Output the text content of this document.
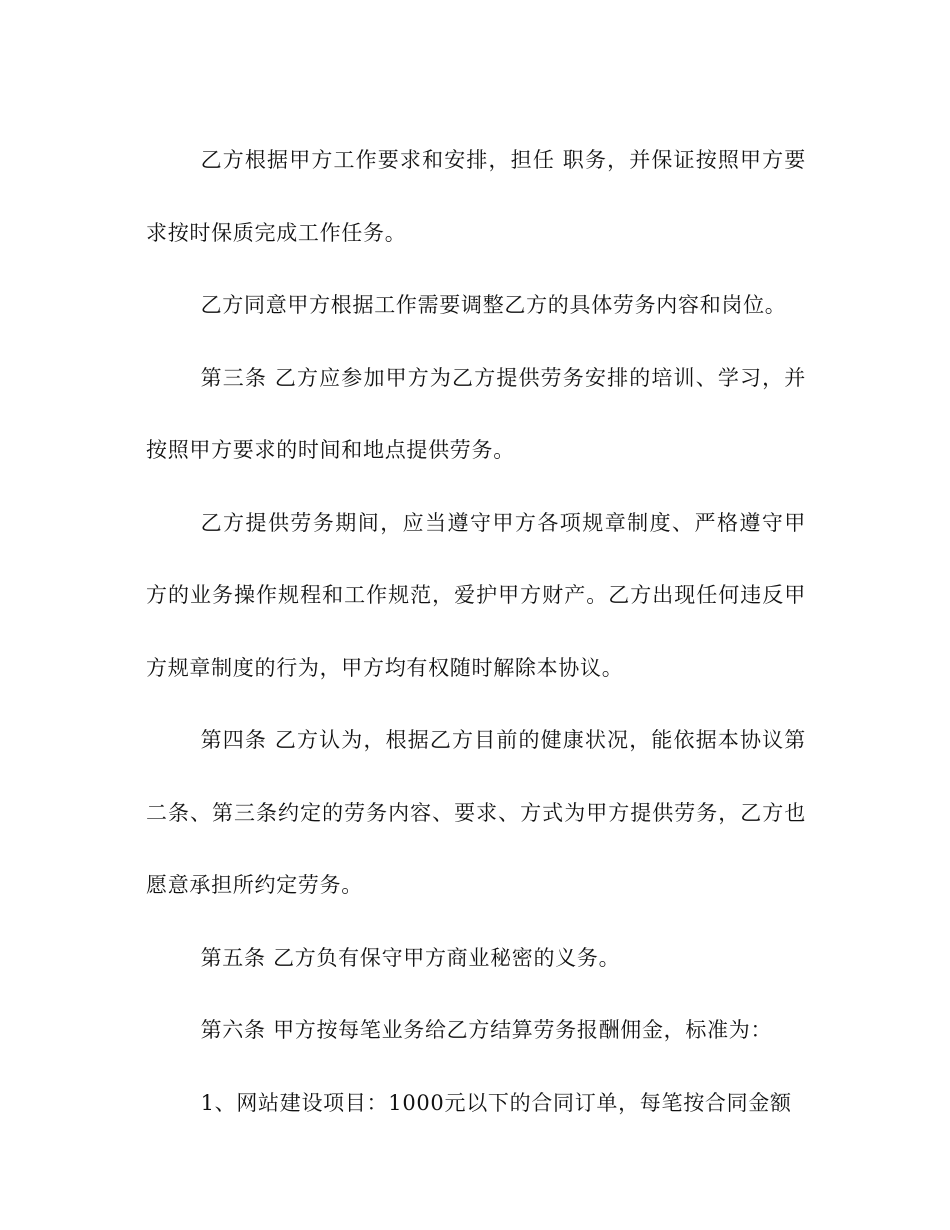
乙方根据甲方工作要求和安排，担任 职务，并保证按照甲方要求按时保质完成工作任务。

乙方同意甲方根据工作需要调整乙方的具体劳务内容和岗位。

第三条 乙方应参加甲方为乙方提供劳务安排的培训、学习，并按照甲方要求的时间和地点提供劳务。

乙方提供劳务期间，应当遵守甲方各项规章制度、严格遵守甲方的业务操作规程和工作规范，爱护甲方财产。乙方出现任何违反甲方规章制度的行为，甲方均有权随时解除本协议。

第四条 乙方认为，根据乙方目前的健康状况，能依据本协议第二条、第三条约定的劳务内容、要求、方式为甲方提供劳务，乙方也愿意承担所约定劳务。

第五条 乙方负有保守甲方商业秘密的义务。

第六条 甲方按每笔业务给乙方结算劳务报酬佣金，标准为：

1、网站建设项目：1000元以下的合同订单，每笔按合同金额
